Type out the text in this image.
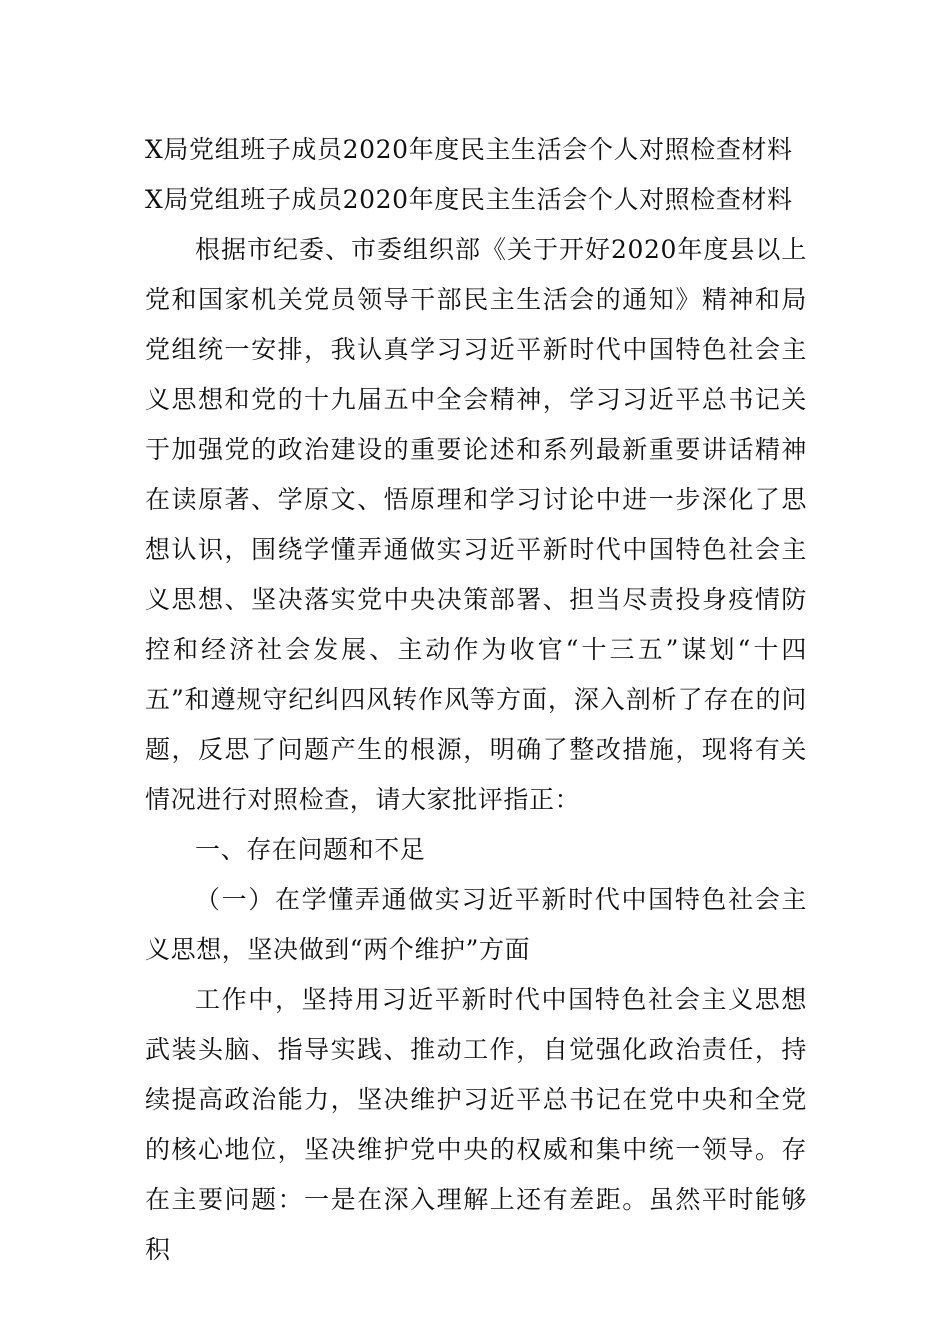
X局党组班子成员2020年度民主生活会个人对照检查材料

X局党组班子成员2020年度民主生活会个人对照检查材料

根据市纪委、市委组织部《关于开好2020年度县以上党和国家机关党员领导干部民主生活会的通知》精神和局党组统一安排，我认真学习习近平新时代中国特色社会主义思想和党的十九届五中全会精神，学习习近平总书记关于加强党的政治建设的重要论述和系列最新重要讲话精神在读原著、学原文、悟原理和学习讨论中进一步深化了思想认识，围绕学懂弄通做实习近平新时代中国特色社会主义思想、坚决落实党中央决策部署、担当尽责投身疫情防控和经济社会发展、主动作为收官“十三五”谋划“十四五”和遵规守纪纠四风转作风等方面，深入剖析了存在的问题，反思了问题产生的根源，明确了整改措施，现将有关情况进行对照检查，请大家批评指正：

一、存在问题和不足

（一）在学懂弄通做实习近平新时代中国特色社会主义思想，坚决做到“两个维护”方面

工作中，坚持用习近平新时代中国特色社会主义思想武装头脑、指导实践、推动工作，自觉强化政治责任，持续提高政治能力，坚决维护习近平总书记在党中央和全党的核心地位，坚决维护党中央的权威和集中统一领导。存在主要问题：一是在深入理解上还有差距。虽然平时能够积
